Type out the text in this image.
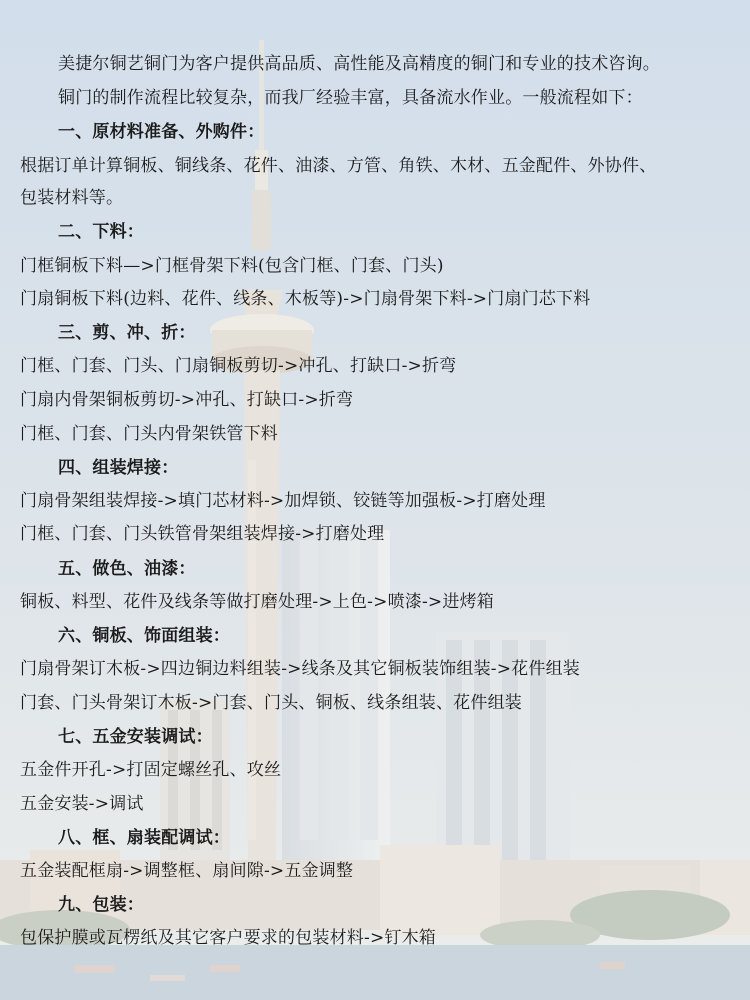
美捷尔铜艺铜门为客户提供高品质、高性能及高精度的铜门和专业的技术咨询。
铜门的制作流程比较复杂，而我厂经验丰富，具备流水作业。一般流程如下：
一、原材料准备、外购件：
根据订单计算铜板、铜线条、花件、油漆、方管、角铁、木材、五金配件、外协件、
包装材料等。
二、下料：
门框铜板下料—>门框骨架下料(包含门框、门套、门头)
门扇铜板下料(边料、花件、线条、木板等)->门扇骨架下料->门扇门芯下料
三、剪、冲、折：
门框、门套、门头、门扇铜板剪切->冲孔、打缺口->折弯
门扇内骨架铜板剪切->冲孔、打缺口->折弯
门框、门套、门头内骨架铁管下料
四、组装焊接：
门扇骨架组装焊接->填门芯材料->加焊锁、铰链等加强板->打磨处理
门框、门套、门头铁管骨架组装焊接->打磨处理
五、做色、油漆：
铜板、料型、花件及线条等做打磨处理->上色->喷漆->进烤箱
六、铜板、饰面组装：
门扇骨架订木板->四边铜边料组装->线条及其它铜板装饰组装->花件组装
门套、门头骨架订木板->门套、门头、铜板、线条组装、花件组装
七、五金安装调试：
五金件开孔->打固定螺丝孔、攻丝
五金安装->调试
八、框、扇装配调试：
五金装配框扇->调整框、扇间隙->五金调整
九、包装：
包保护膜或瓦楞纸及其它客户要求的包装材料->钉木箱
